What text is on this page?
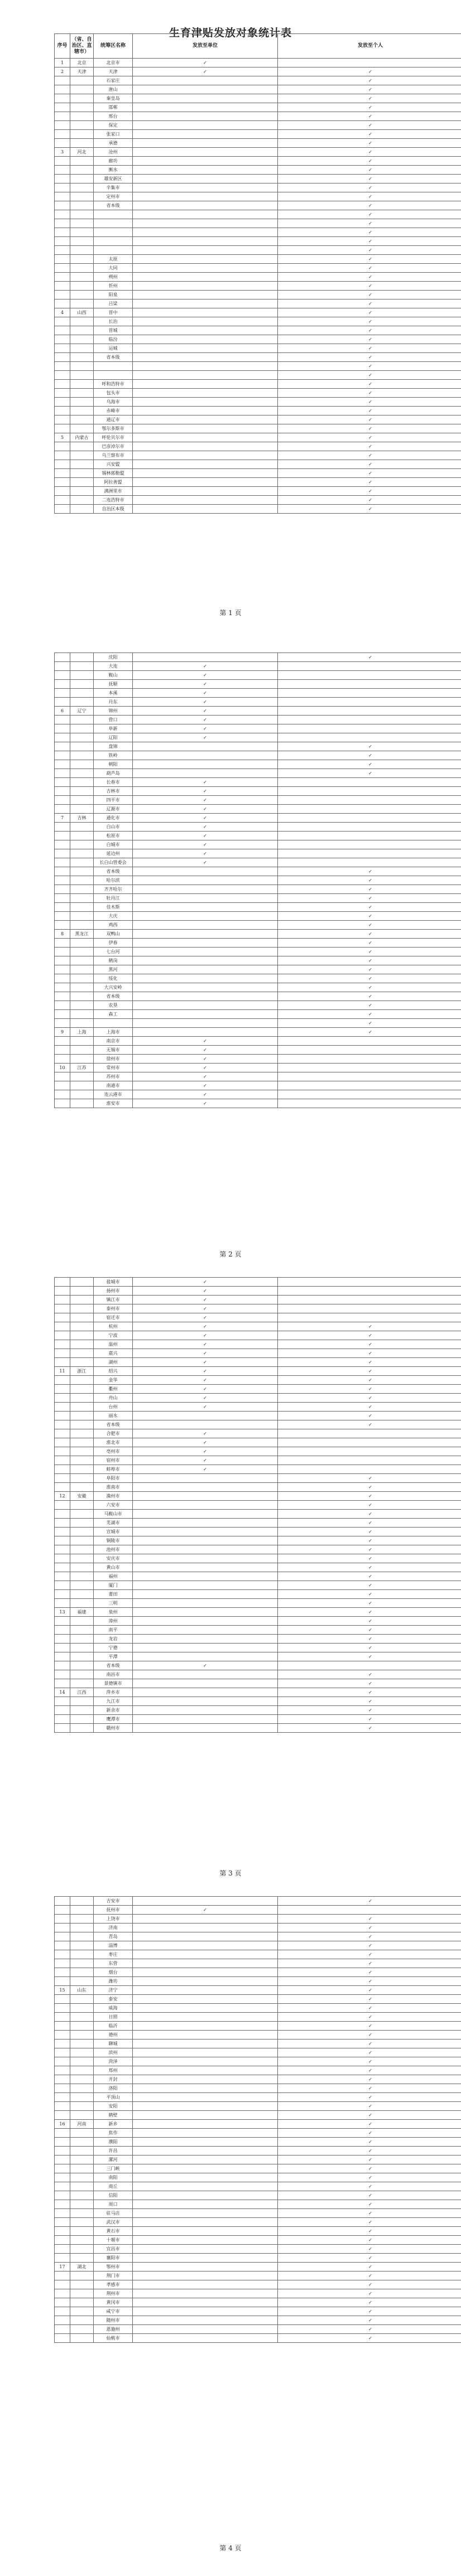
生育津贴发放对象统计表
序号	（省、自治区、直辖市）	统筹区名称	发放至单位	发放至个人
1	北京	北京市	✓	
2	天津	天津	✓	✓
		石家庄		✓
		唐山		✓
		秦皇岛		✓
		邯郸		✓
		邢台		✓
		保定		✓
		张家口		✓
		承德		✓
3	河北	沧州		✓
		廊坊		✓
		衡水		✓
		雄安新区		✓
		辛集市		✓
		定州市		✓
		省本级		✓
				✓
				✓
				✓
				✓
				✓
		太原		✓
		大同		✓
		朔州		✓
		忻州		✓
		阳泉		✓
		吕梁		✓
4	山西	晋中		✓
		长治		✓
		晋城		✓
		临汾		✓
		运城		✓
		省本级		✓
				✓
				✓
		呼和浩特市		✓
		包头市		✓
		乌海市		✓
		赤峰市		✓
		通辽市		✓
		鄂尔多斯市		✓
5	内蒙古	呼伦贝尔市		✓
		巴彦淖尔市		✓
		乌兰察布市		✓
		兴安盟		✓
		锡林郭勒盟		✓
		阿拉善盟		✓
		满洲里市		✓
		二连浩特市		✓
		自治区本级		✓
第 1 页
		沈阳		✓
		大连	✓	
		鞍山	✓	
		抚顺	✓	
		本溪	✓	
		丹东	✓	
6	辽宁	锦州	✓	
		营口	✓	
		阜新	✓	
		辽阳	✓	
		盘锦		✓
		铁岭		✓
		朝阳		✓
		葫芦岛		✓
		长春市	✓	
		吉林市	✓	
		四平市	✓	
		辽源市	✓	
7	吉林	通化市	✓	
		白山市	✓	
		松原市	✓	
		白城市	✓	
		延边州	✓	
		长白山管委会	✓	
		省本级		✓
		哈尔滨		✓
		齐齐哈尔		✓
		牡丹江		✓
		佳木斯		✓
		大庆		✓
		鸡西		✓
8	黑龙江	双鸭山		✓
		伊春		✓
		七台河		✓
		鹤岗		✓
		黑河		✓
		绥化		✓
		大兴安岭		✓
		省本级		✓
		农垦		✓
		森工		✓
				✓
9	上海	上海市		✓
		南京市	✓	
		无锡市	✓	
		徐州市	✓	
10	江苏	常州市	✓	
		苏州市	✓	
		南通市	✓	
		连云港市	✓	
		淮安市	✓	
第 2 页
		盐城市	✓	
		扬州市	✓	
		镇江市	✓	
		泰州市	✓	
		宿迁市	✓	
		杭州	✓	✓
		宁波	✓	✓
		温州	✓	✓
		嘉兴	✓	✓
		湖州	✓	✓
11	浙江	绍兴	✓	✓
		金华	✓	✓
		衢州	✓	✓
		舟山	✓	✓
		台州	✓	✓
		丽水		✓
		省本级		✓
		合肥市	✓	
		淮北市	✓	
		亳州市	✓	
		宿州市	✓	
		蚌埠市	✓	
		阜阳市		✓
		淮南市		✓
12	安徽	滁州市		✓
		六安市		✓
		马鞍山市		✓
		芜湖市		✓
		宣城市		✓
		铜陵市		✓
		池州市		✓
		安庆市		✓
		黄山市		✓
		福州		✓
		厦门		✓
		莆田		✓
		三明		✓
13	福建	泉州		✓
		漳州		✓
		南平		✓
		龙岩		✓
		宁德		✓
		平潭		✓
		省本级	✓	
		南昌市		✓
		景德镇市		✓
14	江西	萍乡市		✓
		九江市		✓
		新余市		✓
		鹰潭市		✓
		赣州市		✓
第 3 页
		吉安市		✓
		抚州市	✓	
		上饶市		✓
		济南		✓
		青岛		✓
		淄博		✓
		枣庄		✓
		东营		✓
		烟台		✓
		潍坊		✓
15	山东	济宁		✓
		泰安		✓
		威海		✓
		日照		✓
		临沂		✓
		德州		✓
		聊城		✓
		滨州		✓
		菏泽		✓
		郑州		✓
		开封		✓
		洛阳		✓
		平顶山		✓
		安阳		✓
		鹤壁		✓
16	河南	新乡		✓
		焦作		✓
		濮阳		✓
		许昌		✓
		漯河		✓
		三门峡		✓
		南阳		✓
		商丘		✓
		信阳		✓
		周口		✓
		驻马店		✓
		武汉市		✓
		黄石市		✓
		十堰市		✓
		宜昌市		✓
		襄阳市		✓
17	湖北	鄂州市		✓
		荆门市		✓
		孝感市		✓
		荆州市		✓
		黄冈市		✓
		咸宁市		✓
		随州市		✓
		恩施州		✓
		仙桃市		✓
第 4 页
